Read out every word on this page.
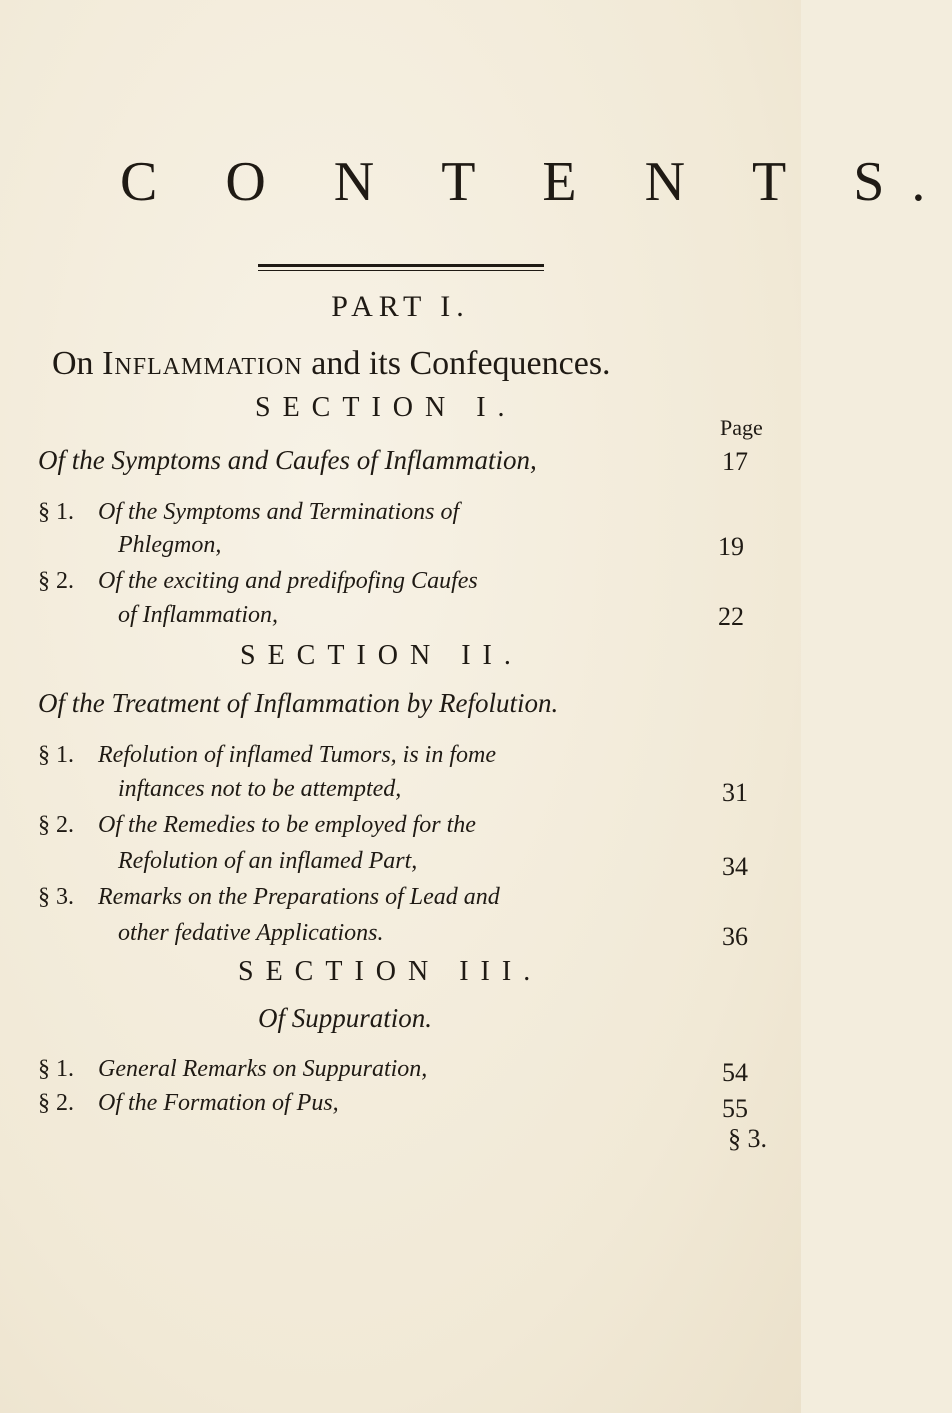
C O N T E N T S.
PART I.
On Inflammation and its Confequences.
SECTION I.
Page
Of the Symptoms and Caufes of Inflammation,	17
§ 1. Of the Symptoms and Terminations of
Phlegmon,	19
§ 2. Of the exciting and predifpofing Caufes
of Inflammation,	22
SECTION II.
Of the Treatment of Inflammation by Refolution.
§ 1. Refolution of inflamed Tumors, is in fome
inftances not to be attempted,	31
§ 2. Of the Remedies to be employed for the
Refolution of an inflamed Part,	34
§ 3. Remarks on the Preparations of Lead and
other fedative Applications.	36
SECTION III.
Of Suppuration.
§ 1. General Remarks on Suppuration,	54
§ 2. Of the Formation of Pus,	55
§ 3.
